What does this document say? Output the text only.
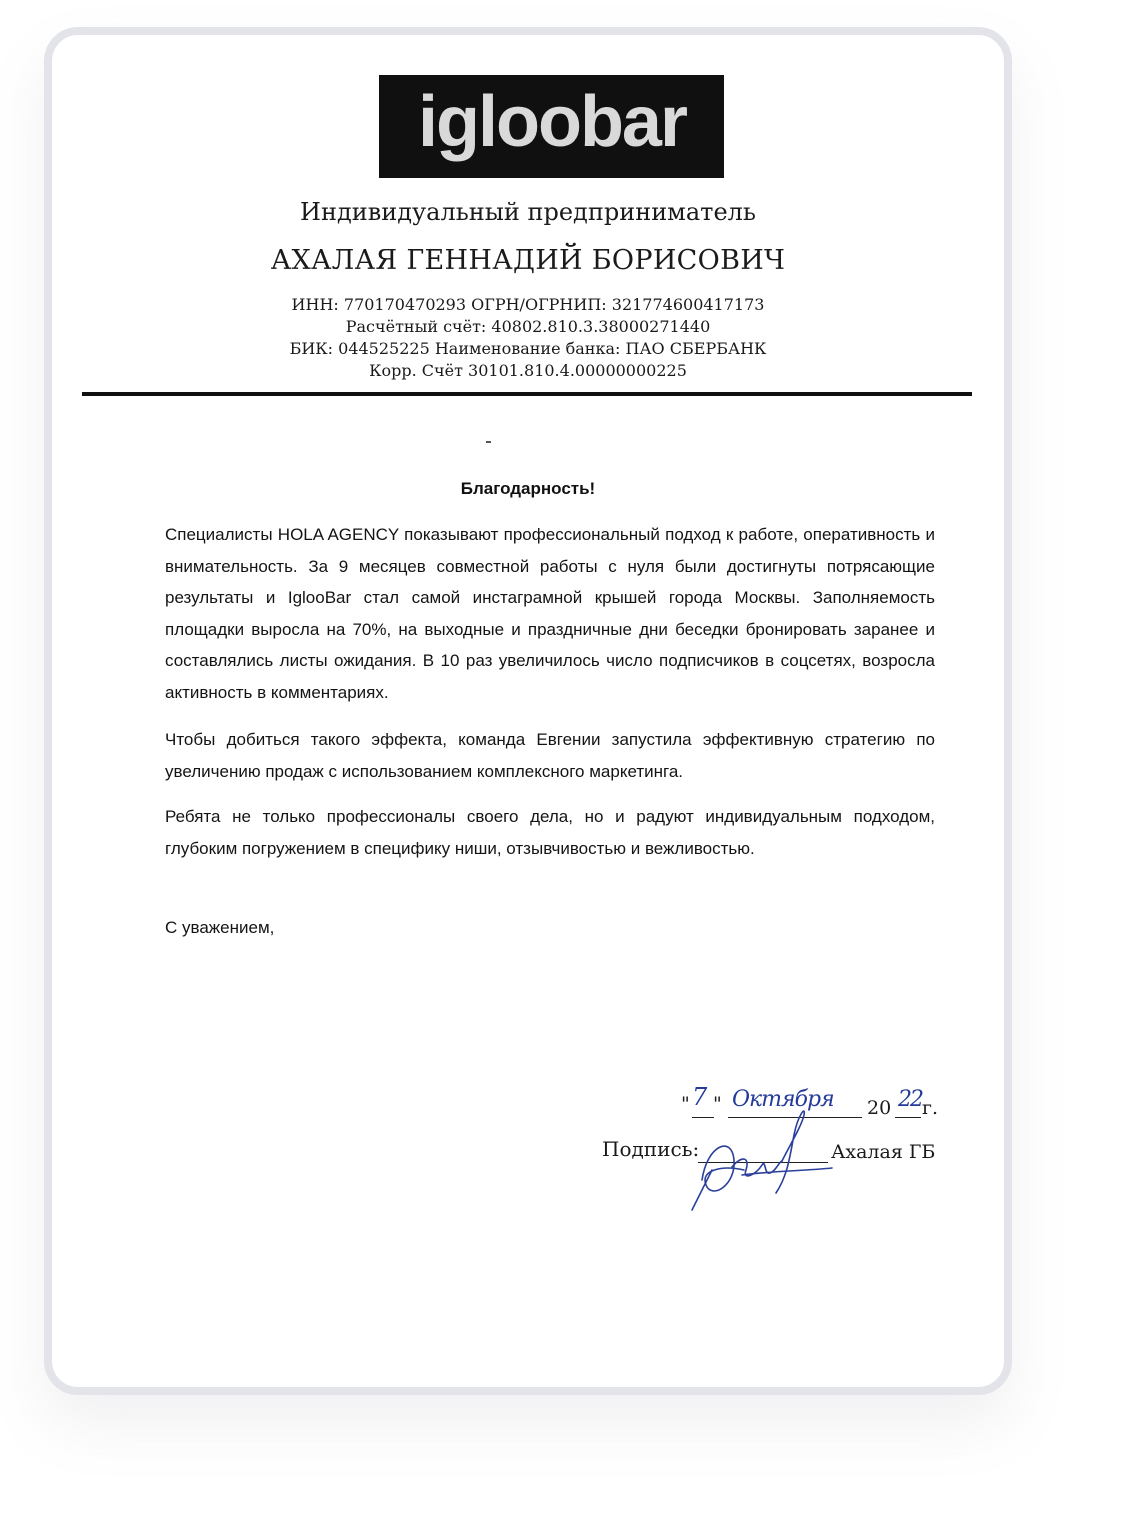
igloobar
Индивидуальный предприниматель
АХАЛАЯ ГЕННАДИЙ БОРИСОВИЧ
ИНН: 770170470293 ОГРН/ОГРНИП: 321774600417173
Расчётный счёт: 40802.810.3.38000271440
БИК: 044525225 Наименование банка: ПАО СБЕРБАНК
Корр. Счёт 30101.810.4.00000000225
Благодарность!
Специалисты HOLA AGENCY показывают профессиональный подход к работе, оперативность и внимательность. За 9 месяцев совместной работы с нуля были достигнуты потрясающие результаты и IglooBar стал самой инстаграмной крышей города Москвы. Заполняемость площадки выросла на 70%, на выходные и праздничные дни беседки бронировать заранее и составлялись листы ожидания. В 10 раз увеличилось число подписчиков в соцсетях, возросла активность в комментариях.
Чтобы добиться такого эффекта, команда Евгении запустила эффективную стратегию по увеличению продаж с использованием комплексного маркетинга.
Ребята не только профессионалы своего дела, но и радуют индивидуальным подходом, глубоким погружением в специфику ниши, отзывчивостью и вежливостью.
С уважением,
" 7 " Октября 20 22 г.
Подпись:	Ахалая ГБ
